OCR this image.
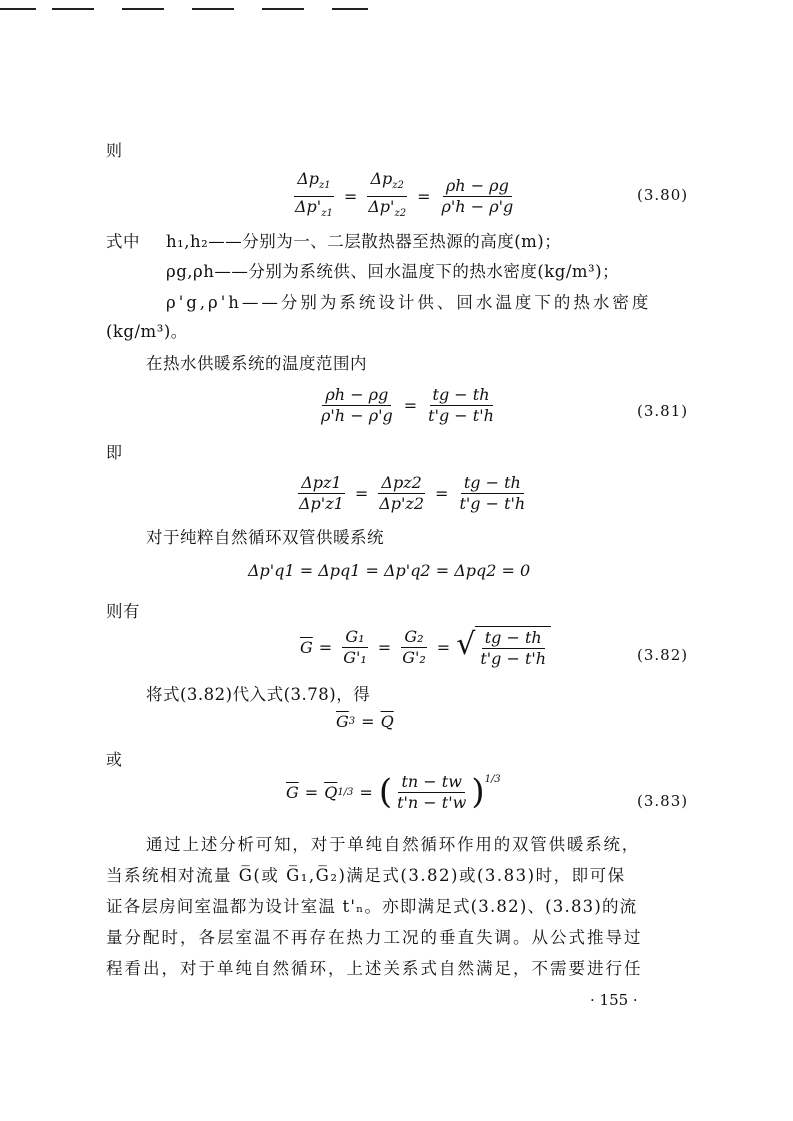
则
$\frac{\Delta p_{z1}}{\Delta p'_{z1}} = \frac{\Delta p_{z2}}{\Delta p'_{z2}} = \frac{\rho h - \rho g}{\rho'h - \rho'g}$	(3.80)
式中 h₁,h₂——分别为一、二层散热器至热源的高度(m)；
ρg,ρh——分别为系统供、回水温度下的热水密度(kg/m³)；
ρ'g,ρ'h——分别为系统设计供、回水温度下的热水密度
(kg/m³)。
在热水供暖系统的温度范围内
$\frac{\rho h - \rho g}{\rho'h - \rho'g} = \frac{tg - th}{t'g - t'h}$	(3.81)
即
$\frac{\text{Δpz1}}{\Delta p'z1} = \frac{\text{Δpz2}}{\Delta p'z2} = \frac{tg - th}{t'g - t'h}$
对于纯粹自然循环双管供暖系统
Δp'q1 = Δpq1 = Δp'q2 = Δpq2 = 0
则有
$\overline{G} = \frac{\text{G₁}}{\text{G'₁}} = \frac{\text{G₂}}{\text{G'₂}}$ = √ $\frac{tg - th}{t'g - t'h}$	(3.82)
将式(3.82)代入式(3.78)，得
$\overline{G}$ $3 = \overline{Q}$
或
$\overline{G} = \overline{Q}$ 1/3 = ( $\frac{tn - tw}{t'n - t'w} )^{1/3}$
(3.83)
通过上述分析可知，对于单纯自然循环作用的双管供暖系统，
当系统相对流量 G̅(或 G̅₁,G̅₂)满足式(3.82)或(3.83)时，即可保
证各层房间室温都为设计室温 t'ₙ。亦即满足式(3.82)、(3.83)的流
量分配时，各层室温不再存在热力工况的垂直失调。从公式推导过
程看出，对于单纯自然循环，上述关系式自然满足，不需要进行任
· 155 ·
